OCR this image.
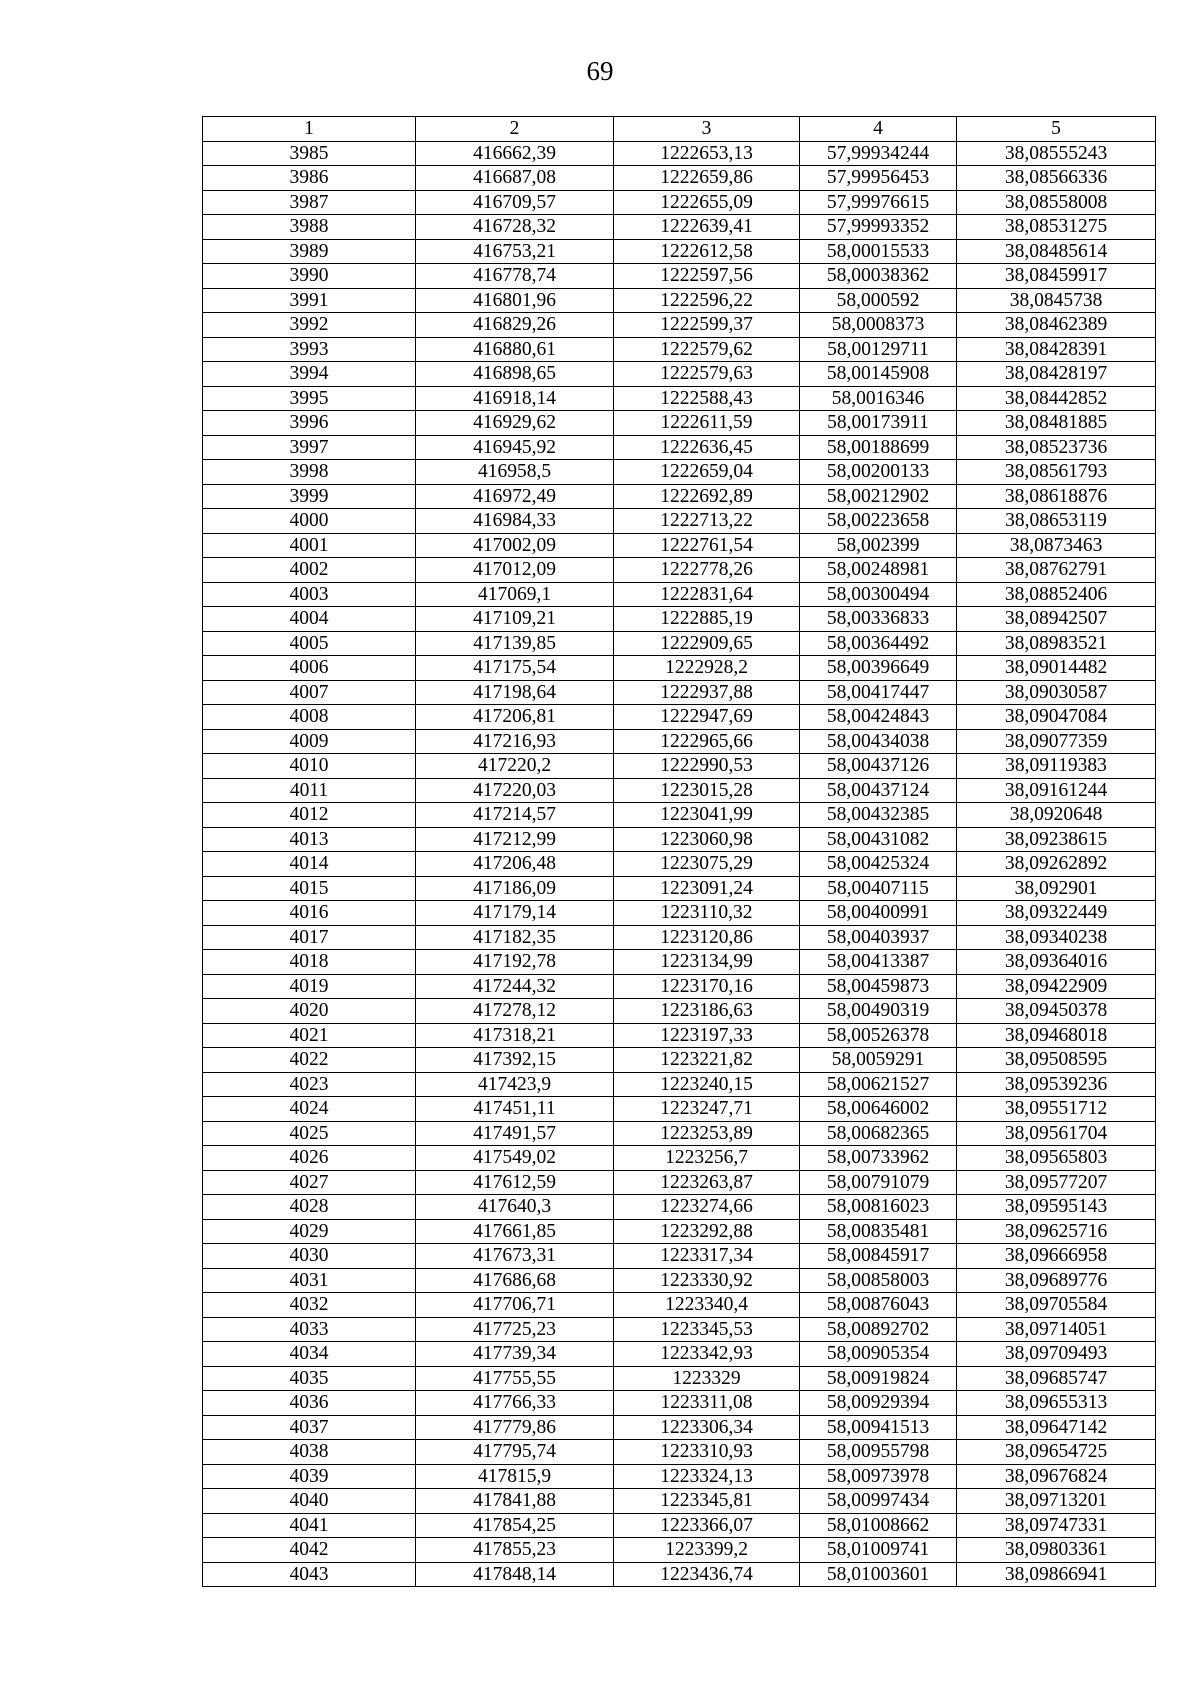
69
1	2	3	4	5
3985	416662,39	1222653,13	57,99934244	38,08555243
3986	416687,08	1222659,86	57,99956453	38,08566336
3987	416709,57	1222655,09	57,99976615	38,08558008
3988	416728,32	1222639,41	57,99993352	38,08531275
3989	416753,21	1222612,58	58,00015533	38,08485614
3990	416778,74	1222597,56	58,00038362	38,08459917
3991	416801,96	1222596,22	58,000592	38,0845738
3992	416829,26	1222599,37	58,0008373	38,08462389
3993	416880,61	1222579,62	58,00129711	38,08428391
3994	416898,65	1222579,63	58,00145908	38,08428197
3995	416918,14	1222588,43	58,0016346	38,08442852
3996	416929,62	1222611,59	58,00173911	38,08481885
3997	416945,92	1222636,45	58,00188699	38,08523736
3998	416958,5	1222659,04	58,00200133	38,08561793
3999	416972,49	1222692,89	58,00212902	38,08618876
4000	416984,33	1222713,22	58,00223658	38,08653119
4001	417002,09	1222761,54	58,002399	38,0873463
4002	417012,09	1222778,26	58,00248981	38,08762791
4003	417069,1	1222831,64	58,00300494	38,08852406
4004	417109,21	1222885,19	58,00336833	38,08942507
4005	417139,85	1222909,65	58,00364492	38,08983521
4006	417175,54	1222928,2	58,00396649	38,09014482
4007	417198,64	1222937,88	58,00417447	38,09030587
4008	417206,81	1222947,69	58,00424843	38,09047084
4009	417216,93	1222965,66	58,00434038	38,09077359
4010	417220,2	1222990,53	58,00437126	38,09119383
4011	417220,03	1223015,28	58,00437124	38,09161244
4012	417214,57	1223041,99	58,00432385	38,0920648
4013	417212,99	1223060,98	58,00431082	38,09238615
4014	417206,48	1223075,29	58,00425324	38,09262892
4015	417186,09	1223091,24	58,00407115	38,092901
4016	417179,14	1223110,32	58,00400991	38,09322449
4017	417182,35	1223120,86	58,00403937	38,09340238
4018	417192,78	1223134,99	58,00413387	38,09364016
4019	417244,32	1223170,16	58,00459873	38,09422909
4020	417278,12	1223186,63	58,00490319	38,09450378
4021	417318,21	1223197,33	58,00526378	38,09468018
4022	417392,15	1223221,82	58,0059291	38,09508595
4023	417423,9	1223240,15	58,00621527	38,09539236
4024	417451,11	1223247,71	58,00646002	38,09551712
4025	417491,57	1223253,89	58,00682365	38,09561704
4026	417549,02	1223256,7	58,00733962	38,09565803
4027	417612,59	1223263,87	58,00791079	38,09577207
4028	417640,3	1223274,66	58,00816023	38,09595143
4029	417661,85	1223292,88	58,00835481	38,09625716
4030	417673,31	1223317,34	58,00845917	38,09666958
4031	417686,68	1223330,92	58,00858003	38,09689776
4032	417706,71	1223340,4	58,00876043	38,09705584
4033	417725,23	1223345,53	58,00892702	38,09714051
4034	417739,34	1223342,93	58,00905354	38,09709493
4035	417755,55	1223329	58,00919824	38,09685747
4036	417766,33	1223311,08	58,00929394	38,09655313
4037	417779,86	1223306,34	58,00941513	38,09647142
4038	417795,74	1223310,93	58,00955798	38,09654725
4039	417815,9	1223324,13	58,00973978	38,09676824
4040	417841,88	1223345,81	58,00997434	38,09713201
4041	417854,25	1223366,07	58,01008662	38,09747331
4042	417855,23	1223399,2	58,01009741	38,09803361
4043	417848,14	1223436,74	58,01003601	38,09866941
